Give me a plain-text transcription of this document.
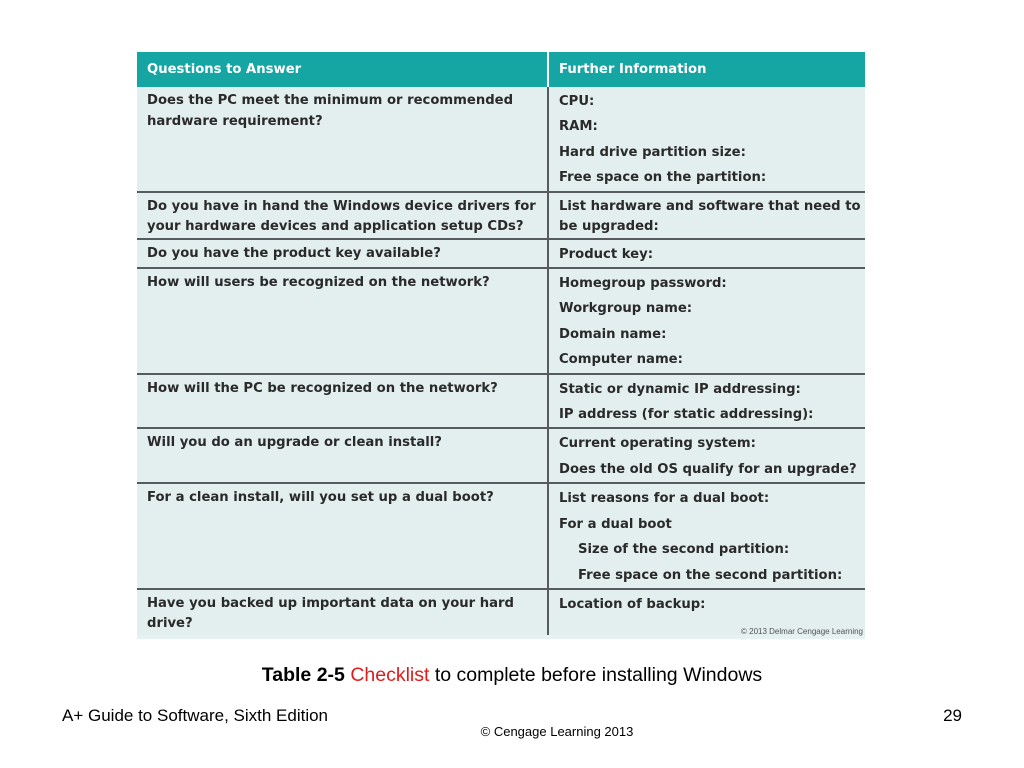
Questions to Answer	Further Information
Does the PC meet the minimum or recommended hardware requirement?	CPU:
RAM:
Hard drive partition size:
Free space on the partition:

Do you have in hand the Windows device drivers for your hardware devices and application setup CDs?	List hardware and software that need to be upgraded:

Do you have the product key available?	Product key:

How will users be recognized on the network?	Homegroup password:
Workgroup name:
Domain name:
Computer name:

How will the PC be recognized on the network?	Static or dynamic IP addressing:
IP address (for static addressing):

Will you do an upgrade or clean install?	Current operating system:
Does the old OS qualify for an upgrade?

For a clean install, will you set up a dual boot?	List reasons for a dual boot:
For a dual boot
Size of the second partition:
Free space on the second partition:

Have you backed up important data on your hard drive?	Location of backup:
© 2013 Delmar Cengage Learning
Table 2-5 Checklist to complete before installing Windows
A+ Guide to Software, Sixth Edition	29
© Cengage Learning 2013
